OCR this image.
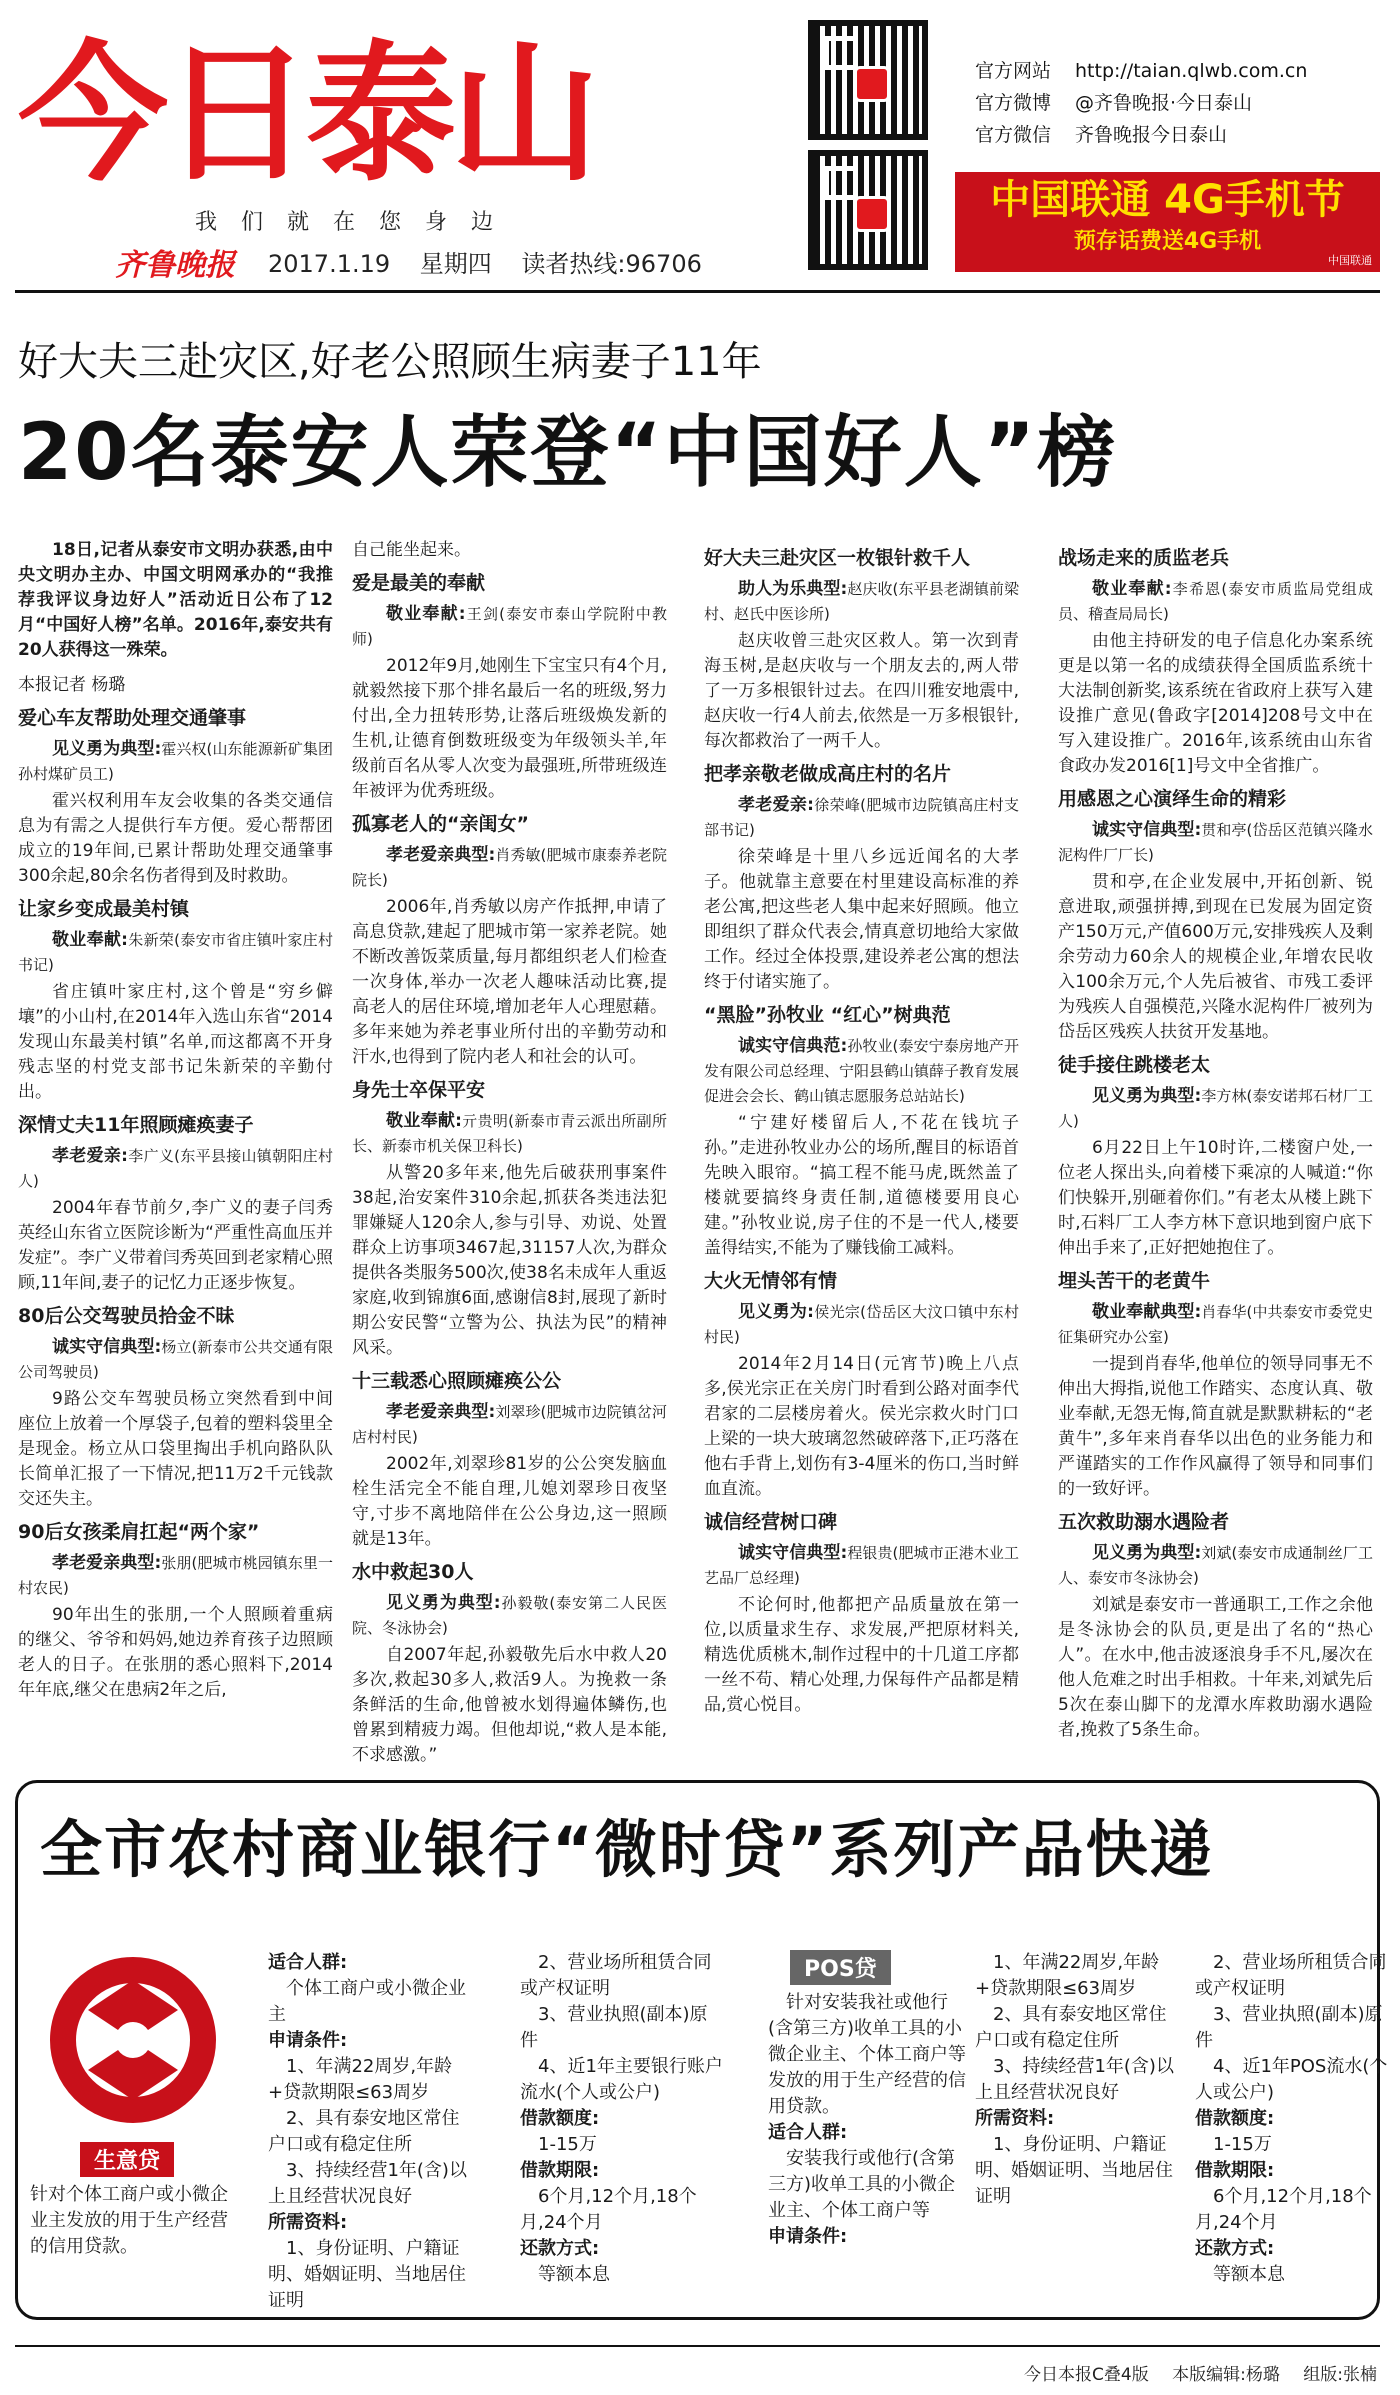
今日泰山
我们就在您身边
齐鲁晚报 2017.1.19 星期四 读者热线:96706
官方网站 http://taian.qlwb.com.cn
官方微博 @齐鲁晚报·今日泰山
官方微信 齐鲁晚报今日泰山
中国联通 4G手机节
预存话费送4G手机
中国联通
好大夫三赴灾区,好老公照顾生病妻子11年
20名泰安人荣登“中国好人”榜

18日,记者从泰安市文明办获悉,由中央文明办主办、中国文明网承办的“我推荐我评议身边好人”活动近日公布了12月“中国好人榜”名单。2016年,泰安共有20人获得这一殊荣。

本报记者 杨璐

爱心车友帮助处理交通肇事

见义勇为典型:霍兴权(山东能源新矿集团孙村煤矿员工)

霍兴权利用车友会收集的各类交通信息为有需之人提供行车方便。爱心帮帮团成立的19年间,已累计帮助处理交通肇事300余起,80余名伤者得到及时救助。

让家乡变成最美村镇

敬业奉献:朱新荣(泰安市省庄镇叶家庄村书记)

省庄镇叶家庄村,这个曾是“穷乡僻壤”的小山村,在2014年入选山东省“2014发现山东最美村镇”名单,而这都离不开身残志坚的村党支部书记朱新荣的辛勤付出。

深情丈夫11年照顾瘫痪妻子

孝老爱亲:李广义(东平县接山镇朝阳庄村人)

2004年春节前夕,李广义的妻子闫秀英经山东省立医院诊断为“严重性高血压并发症”。李广义带着闫秀英回到老家精心照顾,11年间,妻子的记忆力正逐步恢复。

80后公交驾驶员拾金不昧

诚实守信典型:杨立(新泰市公共交通有限公司驾驶员)

9路公交车驾驶员杨立突然看到中间座位上放着一个厚袋子,包着的塑料袋里全是现金。杨立从口袋里掏出手机向路队队长简单汇报了一下情况,把11万2千元钱款交还失主。

90后女孩柔肩扛起“两个家”

孝老爱亲典型:张朋(肥城市桃园镇东里一村农民)

90年出生的张朋,一个人照顾着重病的继父、爷爷和妈妈,她边养育孩子边照顾老人的日子。在张朋的悉心照料下,2014年年底,继父在患病2年之后,

自己能坐起来。

爱是最美的奉献

敬业奉献:王剑(泰安市泰山学院附中教师)

2012年9月,她刚生下宝宝只有4个月,就毅然接下那个排名最后一名的班级,努力付出,全力扭转形势,让落后班级焕发新的生机,让德育倒数班级变为年级领头羊,年级前百名从零人次变为最强班,所带班级连年被评为优秀班级。

孤寡老人的“亲闺女”

孝老爱亲典型:肖秀敏(肥城市康泰养老院院长)

2006年,肖秀敏以房产作抵押,申请了高息贷款,建起了肥城市第一家养老院。她不断改善饭菜质量,每月都组织老人们检查一次身体,举办一次老人趣味活动比赛,提高老人的居住环境,增加老年人心理慰藉。多年来她为养老事业所付出的辛勤劳动和汗水,也得到了院内老人和社会的认可。

身先士卒保平安

敬业奉献:亓贵明(新泰市青云派出所副所长、新泰市机关保卫科长)

从警20多年来,他先后破获刑事案件38起,治安案件310余起,抓获各类违法犯罪嫌疑人120余人,参与引导、劝说、处置群众上访事项3467起,31157人次,为群众提供各类服务500次,使38名未成年人重返家庭,收到锦旗6面,感谢信8封,展现了新时期公安民警“立警为公、执法为民”的精神风采。

十三载悉心照顾瘫痪公公

孝老爱亲典型:刘翠珍(肥城市边院镇岔河店村村民)

2002年,刘翠珍81岁的公公突发脑血栓生活完全不能自理,儿媳刘翠珍日夜坚守,寸步不离地陪伴在公公身边,这一照顾就是13年。

水中救起30人

见义勇为典型:孙毅敬(泰安第二人民医院、冬泳协会)

自2007年起,孙毅敬先后水中救人20多次,救起30多人,救活9人。为挽救一条条鲜活的生命,他曾被水划得遍体鳞伤,也曾累到精疲力竭。但他却说,“救人是本能,不求感激。”

好大夫三赴灾区一枚银针救千人

助人为乐典型:赵庆收(东平县老湖镇前梁村、赵氏中医诊所)

赵庆收曾三赴灾区救人。第一次到青海玉树,是赵庆收与一个朋友去的,两人带了一万多根银针过去。在四川雅安地震中,赵庆收一行4人前去,依然是一万多根银针,每次都救治了一两千人。

把孝亲敬老做成高庄村的名片

孝老爱亲:徐荣峰(肥城市边院镇高庄村支部书记)

徐荣峰是十里八乡远近闻名的大孝子。他就靠主意要在村里建设高标准的养老公寓,把这些老人集中起来好照顾。他立即组织了群众代表会,情真意切地给大家做工作。经过全体投票,建设养老公寓的想法终于付诸实施了。

“黑脸”孙牧业 “红心”树典范

诚实守信典范:孙牧业(泰安宁泰房地产开发有限公司总经理、宁阳县鹤山镇薛子教育发展促进会会长、鹤山镇志愿服务总站站长)

“宁建好楼留后人,不花在钱坑子孙。”走进孙牧业办公的场所,醒目的标语首先映入眼帘。“搞工程不能马虎,既然盖了楼就要搞终身责任制,道德楼要用良心建。”孙牧业说,房子住的不是一代人,楼要盖得结实,不能为了赚钱偷工减料。

大火无情邻有情

见义勇为:侯光宗(岱岳区大汶口镇中东村村民)

2014年2月14日(元宵节)晚上八点多,侯光宗正在关房门时看到公路对面李代君家的二层楼房着火。侯光宗救火时门口上梁的一块大玻璃忽然破碎落下,正巧落在他右手背上,划伤有3-4厘米的伤口,当时鲜血直流。

诚信经营树口碑

诚实守信典型:程银贵(肥城市正港木业工艺品厂总经理)

不论何时,他都把产品质量放在第一位,以质量求生存、求发展,严把原材料关,精选优质桃木,制作过程中的十几道工序都一丝不苟、精心处理,力保每件产品都是精品,赏心悦目。

战场走来的质监老兵

敬业奉献:李希恩(泰安市质监局党组成员、稽查局局长)

由他主持研发的电子信息化办案系统更是以第一名的成绩获得全国质监系统十大法制创新奖,该系统在省政府上获写入建设推广意见(鲁政字[2014]208号文中在写入建设推广。2016年,该系统由山东省食政办发2016[1]号文中全省推广。

用感恩之心演绎生命的精彩

诚实守信典型:贯和亭(岱岳区范镇兴隆水泥构件厂厂长)

贯和亭,在企业发展中,开拓创新、锐意进取,顽强拼搏,到现在已发展为固定资产150万元,产值600万元,安排残疾人及剩余劳动力60余人的规模企业,年增农民收入100余万元,个人先后被省、市残工委评为残疾人自强模范,兴隆水泥构件厂被列为岱岳区残疾人扶贫开发基地。

徒手接住跳楼老太

见义勇为典型:李方林(泰安诺邦石材厂工人)

6月22日上午10时许,二楼窗户处,一位老人探出头,向着楼下乘凉的人喊道:“你们快躲开,别砸着你们。”有老太从楼上跳下时,石料厂工人李方林下意识地到窗户底下伸出手来了,正好把她抱住了。

埋头苦干的老黄牛

敬业奉献典型:肖春华(中共泰安市委党史征集研究办公室)

一提到肖春华,他单位的领导同事无不伸出大拇指,说他工作踏实、态度认真、敬业奉献,无怨无悔,简直就是默默耕耘的“老黄牛”,多年来肖春华以出色的业务能力和严谨踏实的工作作风赢得了领导和同事们的一致好评。

五次救助溺水遇险者

见义勇为典型:刘斌(泰安市成通制丝厂工人、泰安市冬泳协会)

刘斌是泰安市一普通职工,工作之余他是冬泳协会的队员,更是出了名的“热心人”。在水中,他击波逐浪身手不凡,屡次在他人危难之时出手相救。十年来,刘斌先后5次在泰山脚下的龙潭水库救助溺水遇险者,挽救了5条生命。

全市农村商业银行“微时贷”系列产品快递
生意贷
针对个体工商户或小微企业主发放的用于生产经营的信用贷款。

适合人群:

个体工商户或小微企业主

申请条件:

1、年满22周岁,年龄+贷款期限≤63周岁

2、具有泰安地区常住户口或有稳定住所

3、持续经营1年(含)以上且经营状况良好

所需资料:

1、身份证明、户籍证明、婚姻证明、当地居住证明

2、营业场所租赁合同或产权证明

3、营业执照(副本)原件

4、近1年主要银行账户流水(个人或公户)

借款额度:

1-15万

借款期限:

6个月,12个月,18个月,24个月

还款方式:

等额本息

POS贷

针对安装我社或他行(含第三方)收单工具的小微企业主、个体工商户等发放的用于生产经营的信用贷款。

适合人群:

安装我行或他行(含第三方)收单工具的小微企业主、个体工商户等

申请条件:

1、年满22周岁,年龄+贷款期限≤63周岁

2、具有泰安地区常住户口或有稳定住所

3、持续经营1年(含)以上且经营状况良好

所需资料:

1、身份证明、户籍证明、婚姻证明、当地居住证明

2、营业场所租赁合同或产权证明

3、营业执照(副本)原件

4、近1年POS流水(个人或公户)

借款额度:

1-15万

借款期限:

6个月,12个月,18个月,24个月

还款方式:

等额本息

今日本报C叠4版 本版编辑:杨璐 组版:张楠
